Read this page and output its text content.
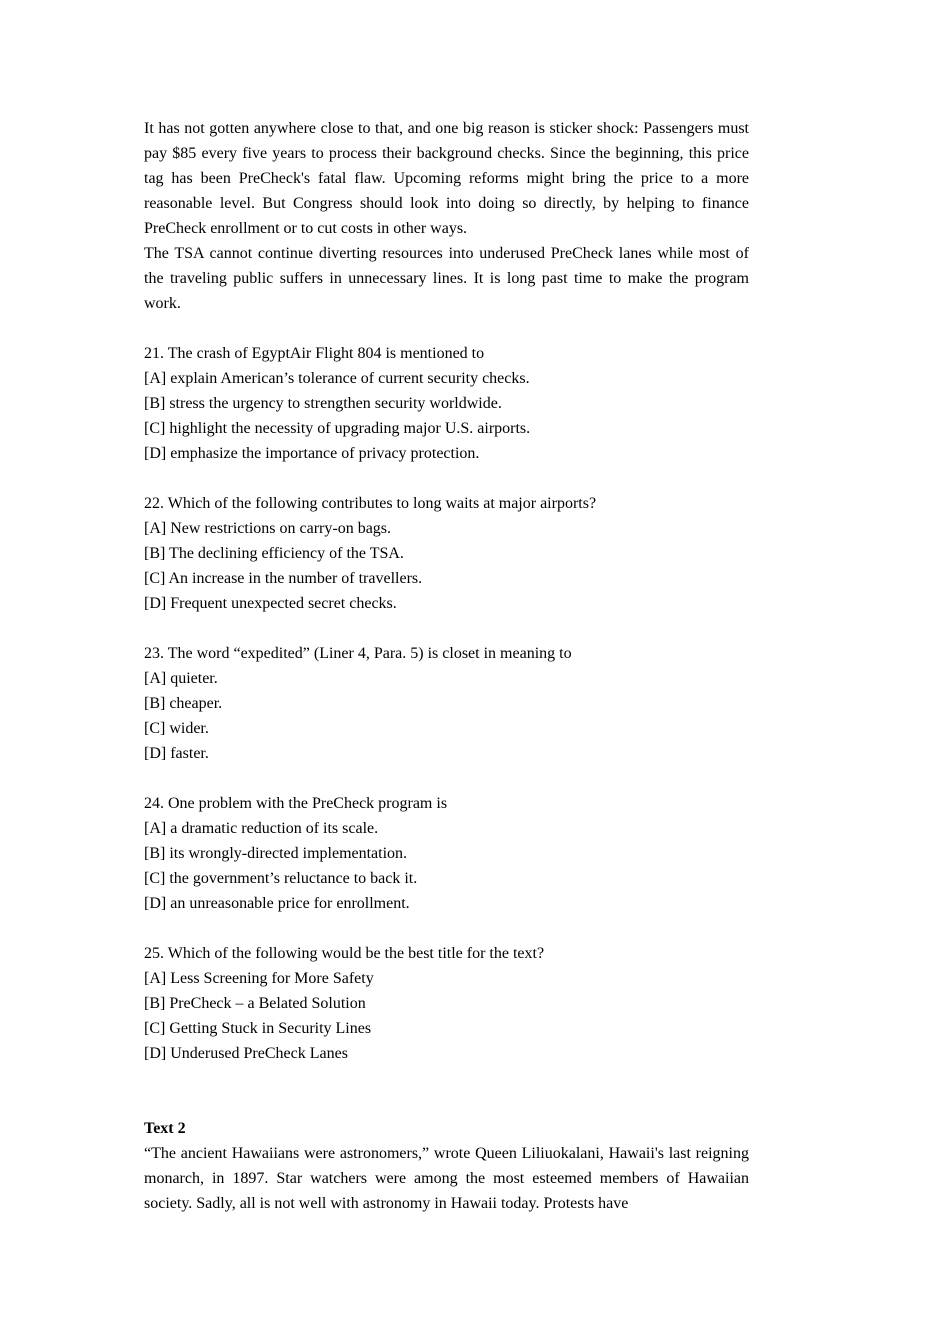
It has not gotten anywhere close to that, and one big reason is sticker shock: Passengers must pay $85 every five years to process their background checks. Since the beginning, this price tag has been PreCheck's fatal flaw. Upcoming reforms might bring the price to a more reasonable level. But Congress should look into doing so directly, by helping to finance PreCheck enrollment or to cut costs in other ways.

The TSA cannot continue diverting resources into underused PreCheck lanes while most of the traveling public suffers in unnecessary lines. It is long past time to make the program work.

21. The crash of EgyptAir Flight 804 is mentioned to
[A] explain American’s tolerance of current security checks.
[B] stress the urgency to strengthen security worldwide.
[C] highlight the necessity of upgrading major U.S. airports.
[D] emphasize the importance of privacy protection.
22. Which of the following contributes to long waits at major airports?
[A] New restrictions on carry-on bags.
[B] The declining efficiency of the TSA.
[C] An increase in the number of travellers.
[D] Frequent unexpected secret checks.
23. The word “expedited” (Liner 4, Para. 5) is closet in meaning to
[A] quieter.
[B] cheaper.
[C] wider.
[D] faster.
24. One problem with the PreCheck program is
[A] a dramatic reduction of its scale.
[B] its wrongly-directed implementation.
[C] the government’s reluctance to back it.
[D] an unreasonable price for enrollment.
25. Which of the following would be the best title for the text?
[A] Less Screening for More Safety
[B] PreCheck – a Belated Solution
[C] Getting Stuck in Security Lines
[D] Underused PreCheck Lanes

Text 2

“The ancient Hawaiians were astronomers,” wrote Queen Liliuokalani, Hawaii's last reigning monarch, in 1897. Star watchers were among the most esteemed members of Hawaiian society. Sadly, all is not well with astronomy in Hawaii today. Protests have
